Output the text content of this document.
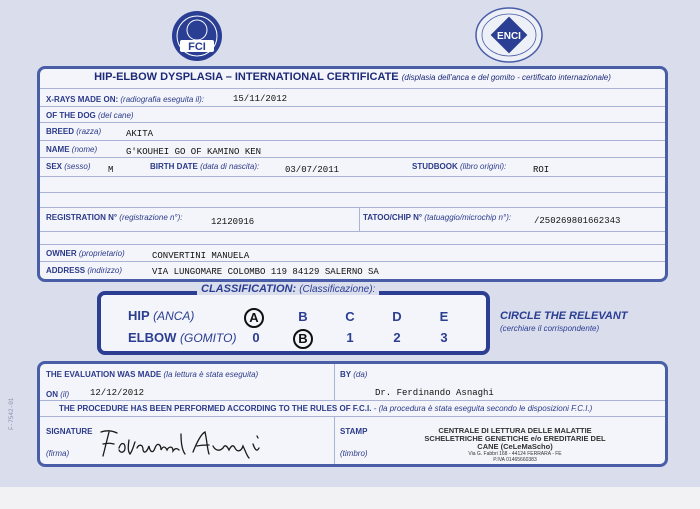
FCI
ENCI
F-7542-01
HIP-ELBOW DYSPLASIA – INTERNATIONAL CERTIFICATE (displasia dell'anca e del gomito - certificato internazionale)
X-RAYS MADE ON: (radiografia eseguita il):	15/11/2012
OF THE DOG (del cane)
BREED (razza)	AKITA
NAME (nome)	G'KOUHEI GO OF KAMINO KEN
SEX (sesso) M	BIRTH DATE (data di nascita):	03/07/2011	STUDBOOK (libro origini):	ROI
REGISTRATION N° (registrazione n°):	12120916	TATOO/CHIP N° (tatuaggio/microchip n°):	/250269801662343
OWNER (proprietario)	CONVERTINI MANUELA
ADDRESS (indirizzo)	VIA LUNGOMARE COLOMBO 119 84129 SALERNO SA
CLASSIFICATION: (Classificazione):
HIP (ANCA)	A	B	C	D	E
ELBOW (GOMITO)	0	B	1	2	3
CIRCLE THE RELEVANT
(cerchiare il corrispondente)
THE EVALUATION WAS MADE (la lettura è stata eseguita)
ON (il) 12/12/2012
BY (da)
Dr. Ferdinando Asnaghi
THE PROCEDURE HAS BEEN PERFORMED ACCORDING TO THE RULES OF F.C.I. - (la procedura è stata eseguita secondo le disposizioni F.C.I.)
SIGNATURE
(firma)
STAMP
(timbro)
CENTRALE DI LETTURA DELLE MALATTIE
SCHELETRICHE GENETICHE e/o EREDITARIE DEL
CANE (CeLeMaScho)
Via G. Fabbri 168 - 44124 FERRARA - FE
P.IVA 01465660383
